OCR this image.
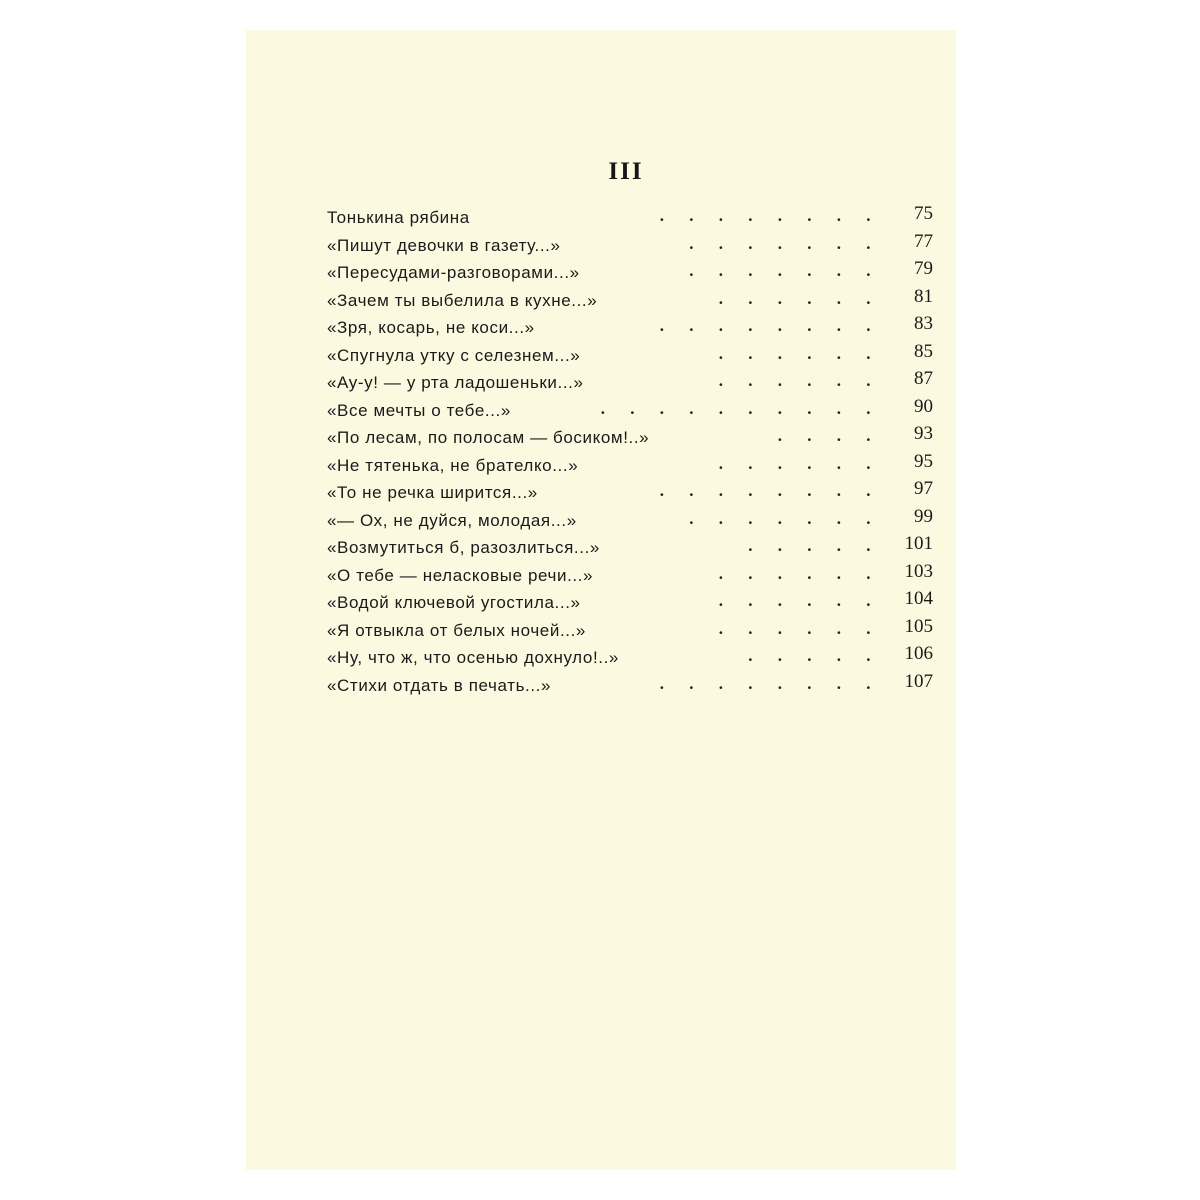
III
Тонькина рябина	. . . . . . . . 75
«Пишут девочки в газету...»	. . . . . . . 77
«Пересудами-разговорами...»	. . . . . . . 79
«Зачем ты выбелила в кухне...»	. . . . . . 81
«Зря, косарь, не коси...»	. . . . . . . . 83
«Спугнула утку с селезнем...»	. . . . . . 85
«Ау-у! — у рта ладошеньки...»	. . . . . . 87
«Все мечты о тебе...»	. . . . . . . . . . 90
«По лесам, по полосам — босиком!..»	. . . . 93
«Не тятенька, не брателко...»	. . . . . . 95
«То не речка ширится...»	. . . . . . . . 97
«— Ох, не дуйся, молодая...»	. . . . . . . 99
«Возмутиться б, разозлиться...»	. . . . . 101
«О тебе — неласковые речи...»	. . . . . . 103
«Водой ключевой угостила...»	. . . . . . 104
«Я отвыкла от белых ночей...»	. . . . . . 105
«Ну, что ж, что осенью дохнуло!..»	. . . . . 106
«Стихи отдать в печать...»	. . . . . . . . 107
